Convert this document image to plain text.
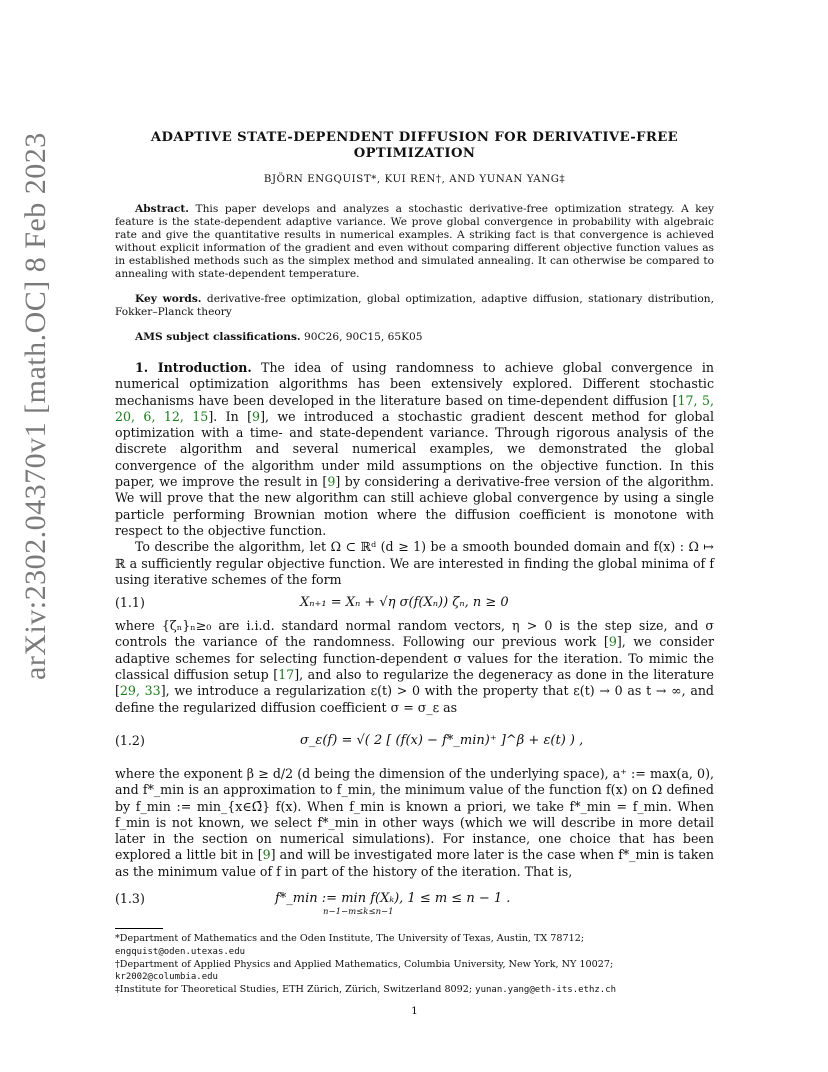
arXiv:2302.04370v1 [math.OC] 8 Feb 2023	ADAPTIVE STATE-DEPENDENT DIFFUSION FOR DERIVATIVE-FREE
OPTIMIZATION
BJÖRN ENGQUIST*, KUI REN†, AND YUNAN YANG‡
Abstract. This paper develops and analyzes a stochastic derivative-free optimization strategy. A key feature is the state-dependent adaptive variance. We prove global convergence in probability with algebraic rate and give the quantitative results in numerical examples. A striking fact is that convergence is achieved without explicit information of the gradient and even without comparing different objective function values as in established methods such as the simplex method and simulated annealing. It can otherwise be compared to annealing with state-dependent temperature.
Key words. derivative-free optimization, global optimization, adaptive diffusion, stationary distribution, Fokker–Planck theory
AMS subject classifications. 90C26, 90C15, 65K05

1. Introduction. The idea of using randomness to achieve global convergence in numerical optimization algorithms has been extensively explored. Different stochastic mechanisms have been developed in the literature based on time-dependent diffusion [17, 5, 20, 6, 12, 15]. In [9], we introduced a stochastic gradient descent method for global optimization with a time- and state-dependent variance. Through rigorous analysis of the discrete algorithm and several numerical examples, we demonstrated the global convergence of the algorithm under mild assumptions on the objective function. In this paper, we improve the result in [9] by considering a derivative-free version of the algorithm. We will prove that the new algorithm can still achieve global convergence by using a single particle performing Brownian motion where the diffusion coefficient is monotone with respect to the objective function.

To describe the algorithm, let Ω ⊂ ℝᵈ (d ≥ 1) be a smooth bounded domain and f(x) : Ω ↦ ℝ a sufficiently regular objective function. We are interested in finding the global minima of f using iterative schemes of the form

(1.1)	Xₙ₊₁ = Xₙ + √η σ(f(Xₙ)) ζₙ, n ≥ 0

where {ζₙ}ₙ≥₀ are i.i.d. standard normal random vectors, η > 0 is the step size, and σ controls the variance of the randomness. Following our previous work [9], we consider adaptive schemes for selecting function-dependent σ values for the iteration. To mimic the classical diffusion setup [17], and also to regularize the degeneracy as done in the literature [29, 33], we introduce a regularization ε(t) > 0 with the property that ε(t) → 0 as t → ∞, and define the regularized diffusion coefficient σ = σ_ε as

(1.2)	σ_ε(f) = √( 2 [ (f(x) − f*_min)⁺ ]^β + ε(t) ) ,

where the exponent β ≥ d/2 (d being the dimension of the underlying space), a⁺ := max(a, 0), and f*_min is an approximation to f_min, the minimum value of the function f(x) on Ω defined by f_min := min_{x∈Ω̄} f(x). When f_min is known a priori, we take f*_min = f_min. When f_min is not known, we select f*_min in other ways (which we will describe in more detail later in the section on numerical simulations). For instance, one choice that has been explored a little bit in [9] and will be investigated more later is the case when f*_min is taken as the minimum value of f in part of the history of the iteration. That is,

(1.3)	f*_min := min f(Xₖ), 1 ≤ m ≤ n − 1 .
n−1−m≤k≤n−1
*Department of Mathematics and the Oden Institute, The University of Texas, Austin, TX 78712;
engquist@oden.utexas.edu
†Department of Applied Physics and Applied Mathematics, Columbia University, New York, NY 10027;
kr2002@columbia.edu
‡Institute for Theoretical Studies, ETH Zürich, Zürich, Switzerland 8092; yunan.yang@eth-its.ethz.ch
1
